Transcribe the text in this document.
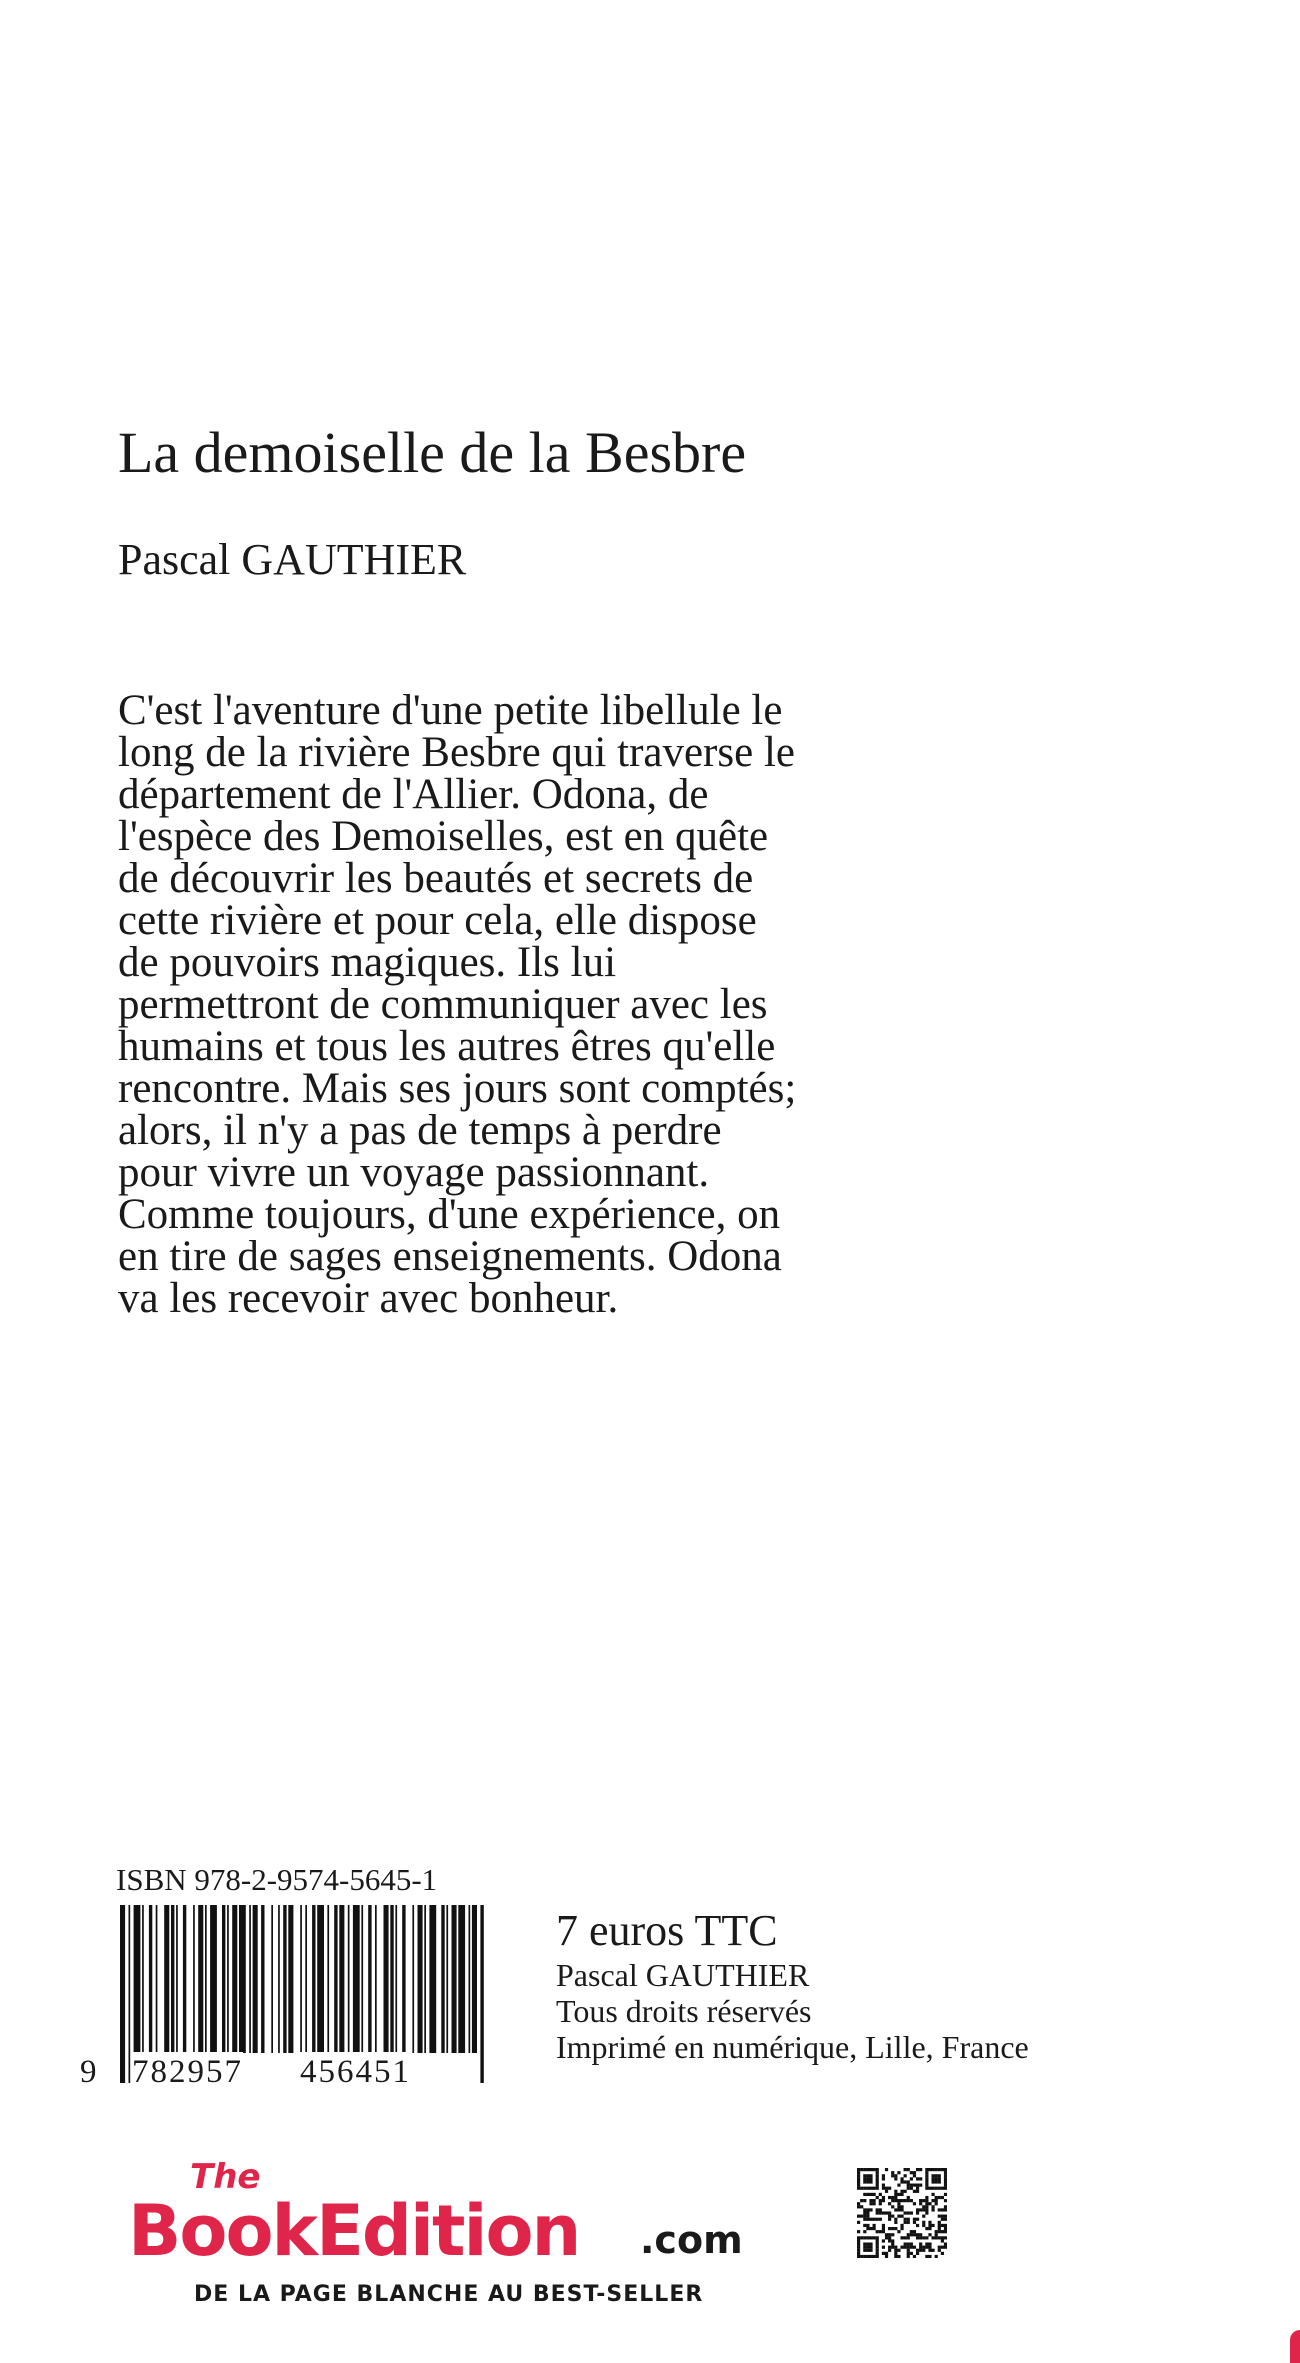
La demoiselle de la Besbre
Pascal GAUTHIER
C'est l'aventure d'une petite libellule le
long de la rivière Besbre qui traverse le
département de l'Allier. Odona, de
l'espèce des Demoiselles, est en quête
de découvrir les beautés et secrets de
cette rivière et pour cela, elle dispose
de pouvoirs magiques. Ils lui
permettront de communiquer avec les
humains et tous les autres êtres qu'elle
rencontre. Mais ses jours sont comptés;
alors, il n'y a pas de temps à perdre
pour vivre un voyage passionnant.
Comme toujours, d'une expérience, on
en tire de sages enseignements. Odona
va les recevoir avec bonheur.
ISBN 978-2-9574-5645-1
9 782957 456451
7 euros TTC
Pascal GAUTHIER
Tous droits réservés
Imprimé en numérique, Lille, France
The
BookEdition .com
DE LA PAGE BLANCHE AU BEST-SELLER
